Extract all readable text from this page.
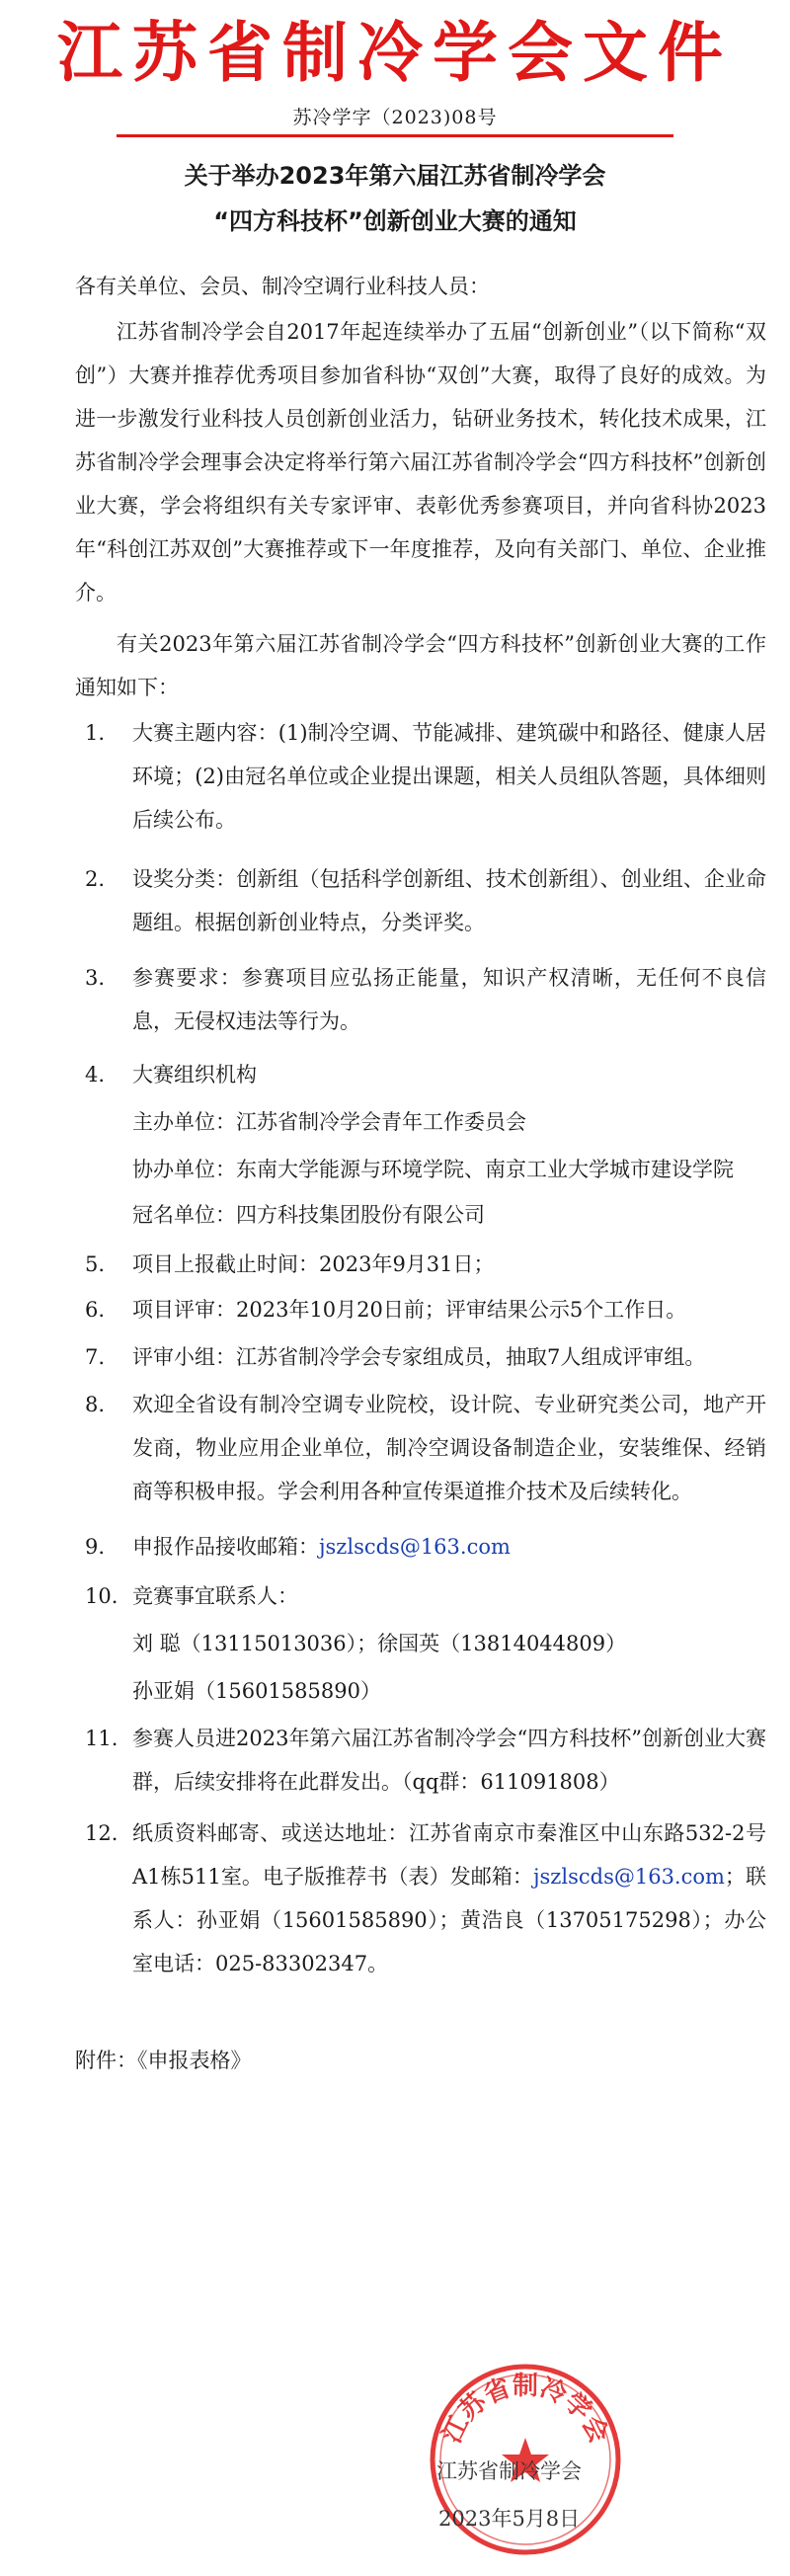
江苏省制冷学会文件
苏冷学字（2023)08号
关于举办2023年第六届江苏省制冷学会
“四方科技杯”创新创业大赛的通知
各有关单位、会员、制冷空调行业科技人员：
江苏省制冷学会自2017年起连续举办了五届“创新创业”（以下简称“双创”）大赛并推荐优秀项目参加省科协“双创”大赛，取得了良好的成效。为进一步激发行业科技人员创新创业活力，钻研业务技术，转化技术成果，江苏省制冷学会理事会决定将举行第六届江苏省制冷学会“四方科技杯”创新创业大赛，学会将组织有关专家评审、表彰优秀参赛项目，并向省科协2023年“科创江苏双创”大赛推荐或下一年度推荐，及向有关部门、单位、企业推介。
有关2023年第六届江苏省制冷学会“四方科技杯”创新创业大赛的工作通知如下：
1. 大赛主题内容：(1)制冷空调、节能减排、建筑碳中和路径、健康人居环境；(2)由冠名单位或企业提出课题，相关人员组队答题，具体细则后续公布。
2. 设奖分类：创新组（包括科学创新组、技术创新组）、创业组、企业命题组。根据创新创业特点，分类评奖。
3. 参赛要求：参赛项目应弘扬正能量，知识产权清晰，无任何不良信息，无侵权违法等行为。
4. 大赛组织机构
主办单位：江苏省制冷学会青年工作委员会
协办单位：东南大学能源与环境学院、南京工业大学城市建设学院
冠名单位：四方科技集团股份有限公司
5. 项目上报截止时间：2023年9月31日；
6. 项目评审：2023年10月20日前；评审结果公示5个工作日。
7. 评审小组：江苏省制冷学会专家组成员，抽取7人组成评审组。
8. 欢迎全省设有制冷空调专业院校，设计院、专业研究类公司，地产开发商，物业应用企业单位，制冷空调设备制造企业，安装维保、经销商等积极申报。学会利用各种宣传渠道推介技术及后续转化。
9. 申报作品接收邮箱：jszlscds@163.com
10. 竞赛事宜联系人：
刘 聪（13115013036）；徐国英（13814044809）
孙亚娟（15601585890）
11. 参赛人员进2023年第六届江苏省制冷学会“四方科技杯”创新创业大赛群，后续安排将在此群发出。（qq群：611091808）
12. 纸质资料邮寄、或送达地址：江苏省南京市秦淮区中山东路532-2号A1栋511室。电子版推荐书（表）发邮箱：jszlscds@163.com；联系人：孙亚娟（15601585890）；黄浩良（13705175298）；办公室电话：025-83302347。
附件：《申报表格》
江苏省制冷学会
江苏省制冷学会
2023年5月8日
